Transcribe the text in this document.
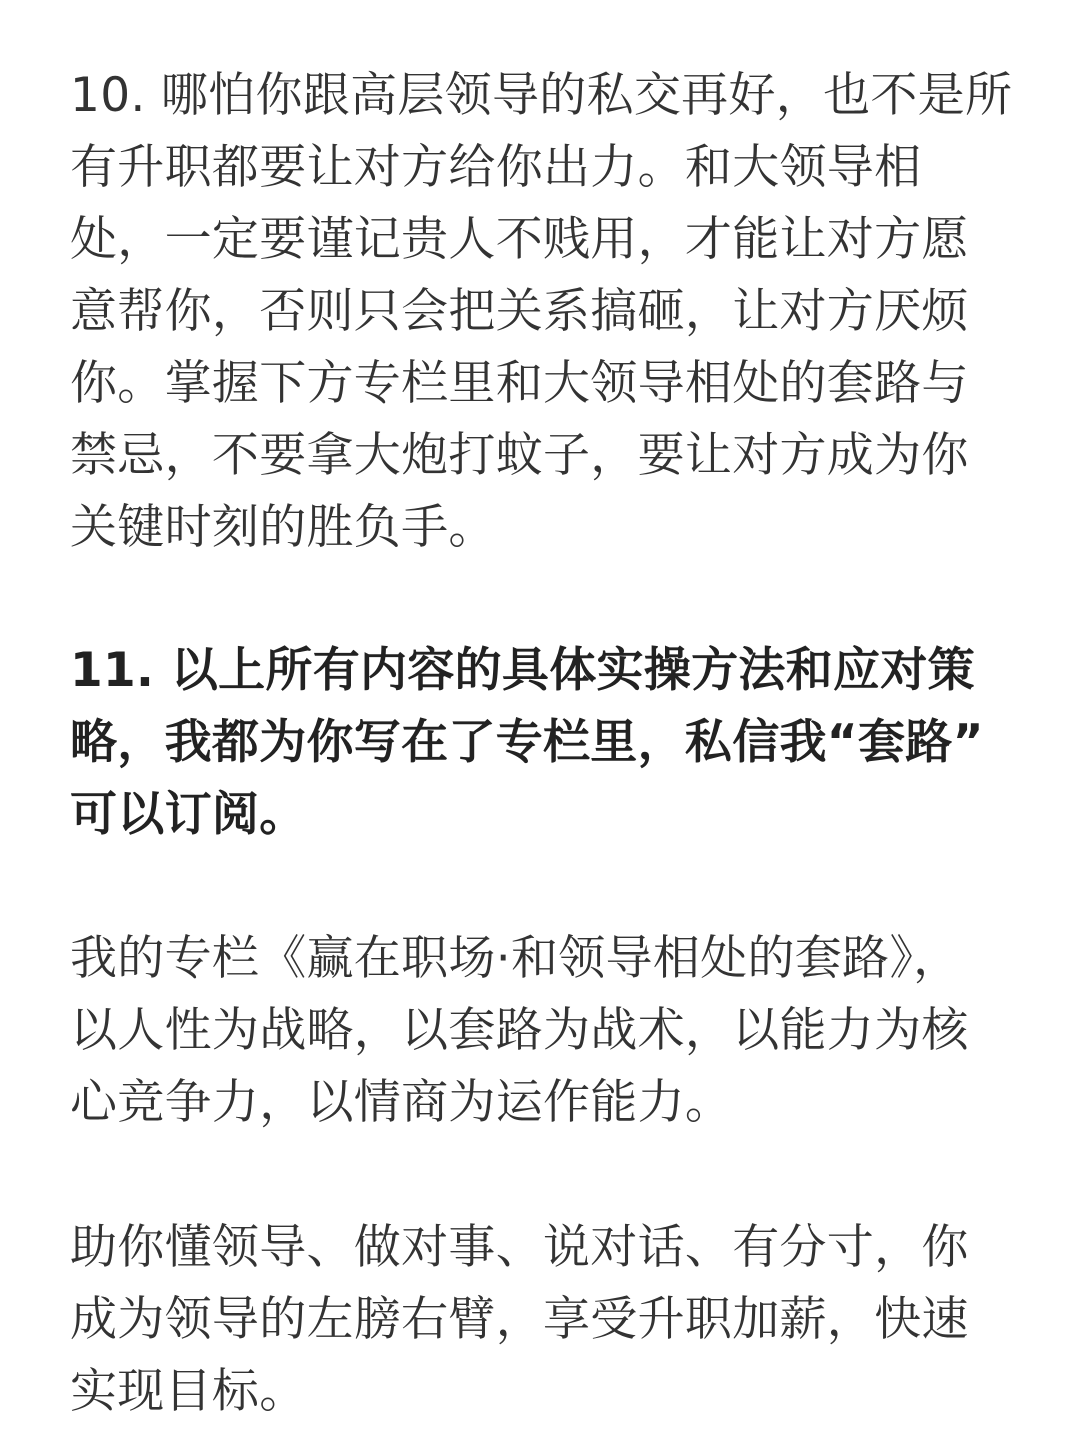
10. 哪怕你跟高层领导的私交再好，也不是所
有升职都要让对方给你出力。和大领导相
处，一定要谨记贵人不贱用，才能让对方愿
意帮你，否则只会把关系搞砸，让对方厌烦
你。掌握下方专栏里和大领导相处的套路与
禁忌，不要拿大炮打蚊子，要让对方成为你
关键时刻的胜负手。
11. 以上所有内容的具体实操方法和应对策
略，我都为你写在了专栏里，私信我“套路”
可以订阅。
我的专栏《赢在职场·和领导相处的套路》，
以人性为战略，以套路为战术，以能力为核
心竞争力，以情商为运作能力。
助你懂领导、做对事、说对话、有分寸，你
成为领导的左膀右臂，享受升职加薪，快速
实现目标。
